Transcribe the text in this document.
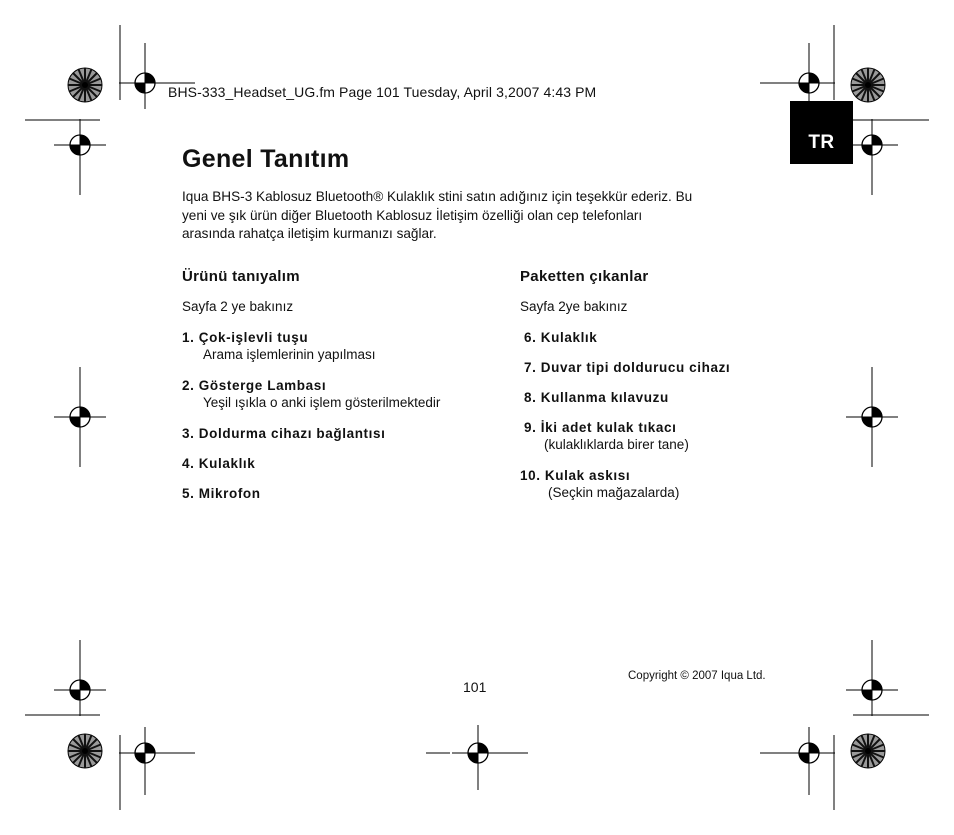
BHS-333_Headset_UG.fm Page 101 Tuesday, April 3,2007 4:43 PM
TR
Genel Tanıtım
Iqua BHS-3 Kablosuz Bluetooth® Kulaklık stini satın adığınız için teşekkür ederiz. Bu
yeni ve şık ürün diğer Bluetooth Kablosuz İletişim özelliği olan cep telefonları
arasında rahatça iletişim kurmanızı sağlar.
Ürünü tanıyalım
Sayfa 2 ye bakınız
1. Çok-işlevli tuşu
Arama işlemlerinin yapılması
2. Gösterge Lambası
Yeşil ışıkla o anki işlem gösterilmektedir
3. Doldurma cihazı bağlantısı
4. Kulaklık
5. Mikrofon
Paketten çıkanlar
Sayfa 2ye bakınız
6. Kulaklık
7. Duvar tipi doldurucu cihazı
8. Kullanma kılavuzu
9. İki adet kulak tıkacı
(kulaklıklarda birer tane)
10. Kulak askısı
(Seçkin mağazalarda)
101
Copyright © 2007 Iqua Ltd.
